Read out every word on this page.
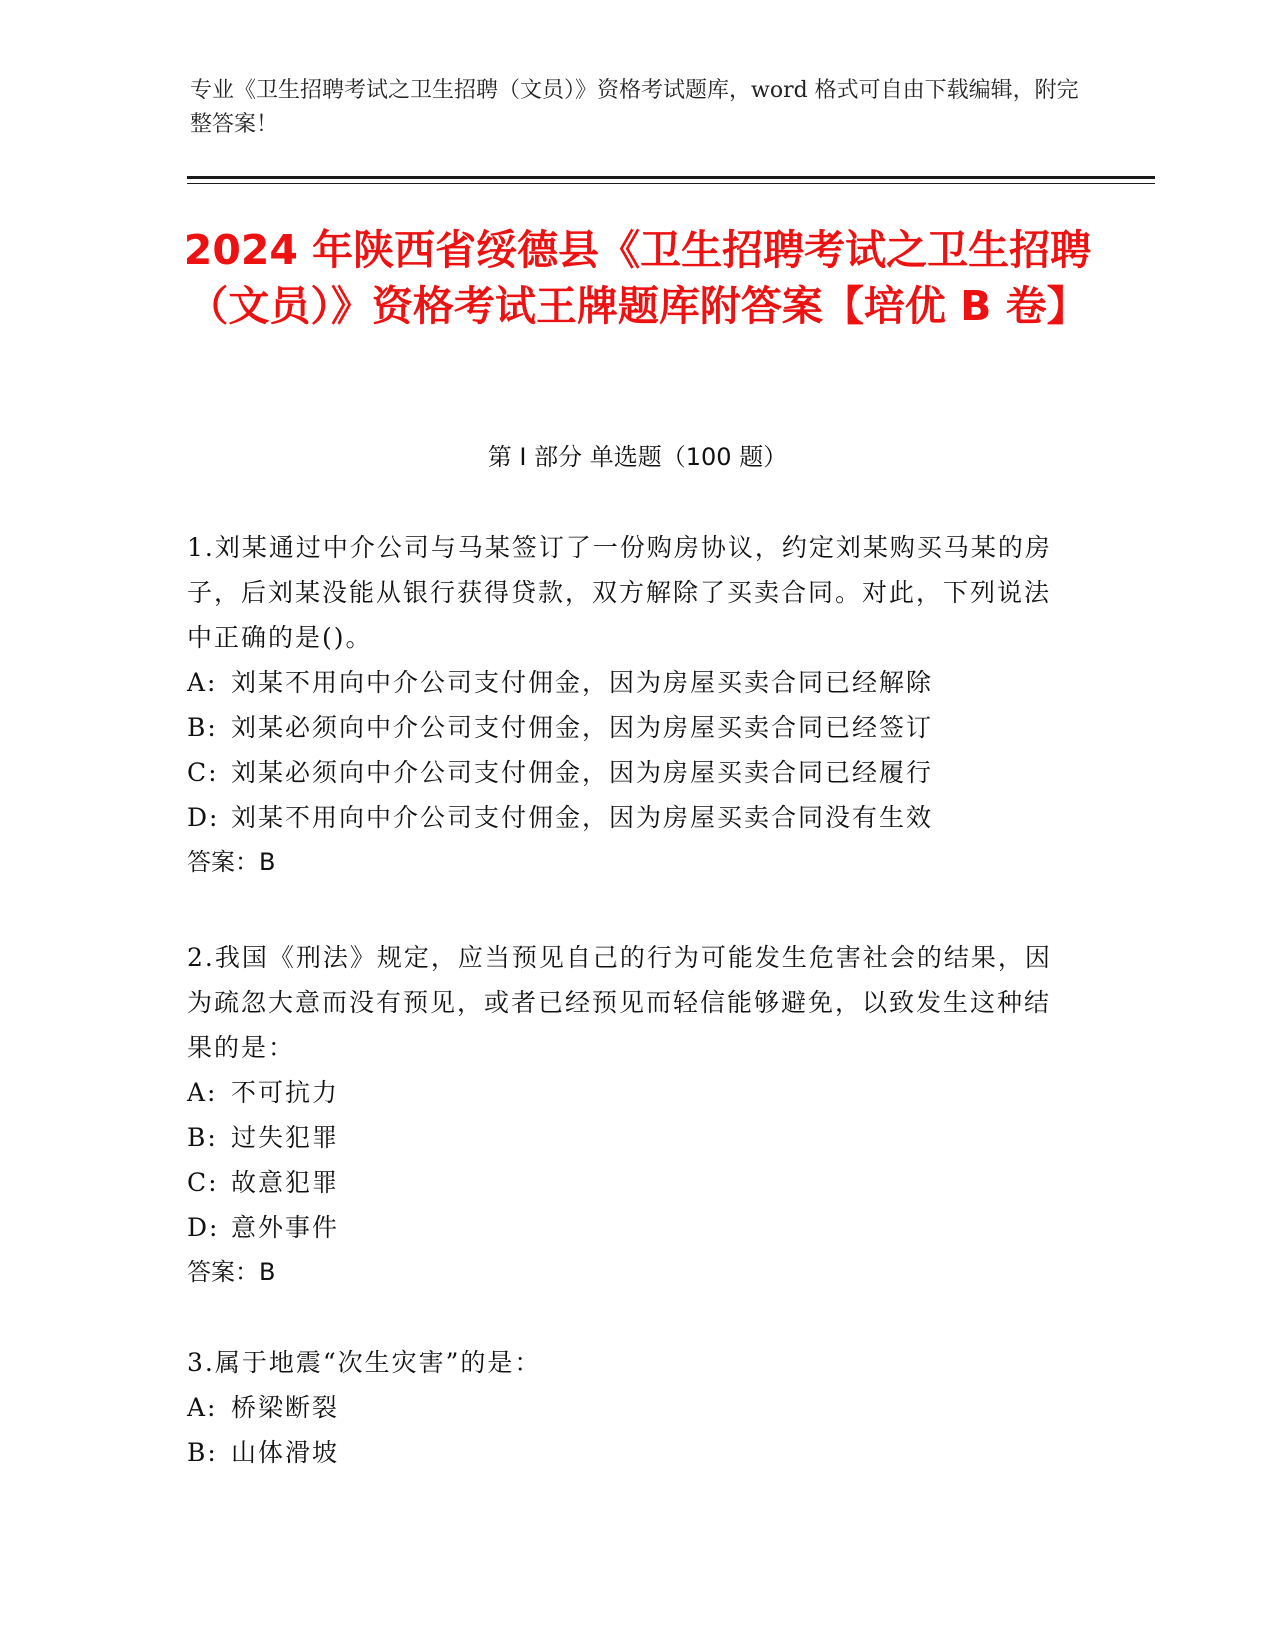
专业《卫生招聘考试之卫生招聘（文员）》资格考试题库，word 格式可自由下载编辑，附完整答案！
2024 年陕西省绥德县《卫生招聘考试之卫生招聘（文员）》资格考试王牌题库附答案【培优 B 卷】
第 I 部分 单选题（100 题）
1.刘某通过中介公司与马某签订了一份购房协议，约定刘某购买马某的房子，后刘某没能从银行获得贷款，双方解除了买卖合同。对此，下列说法中正确的是()。
A: 刘某不用向中介公司支付佣金，因为房屋买卖合同已经解除
B: 刘某必须向中介公司支付佣金，因为房屋买卖合同已经签订
C: 刘某必须向中介公司支付佣金，因为房屋买卖合同已经履行
D: 刘某不用向中介公司支付佣金，因为房屋买卖合同没有生效
答案：B
2.我国《刑法》规定，应当预见自己的行为可能发生危害社会的结果，因为疏忽大意而没有预见，或者已经预见而轻信能够避免，以致发生这种结果的是：
A: 不可抗力
B: 过失犯罪
C: 故意犯罪
D: 意外事件
答案：B
3.属于地震“次生灾害”的是：
A: 桥梁断裂
B: 山体滑坡
